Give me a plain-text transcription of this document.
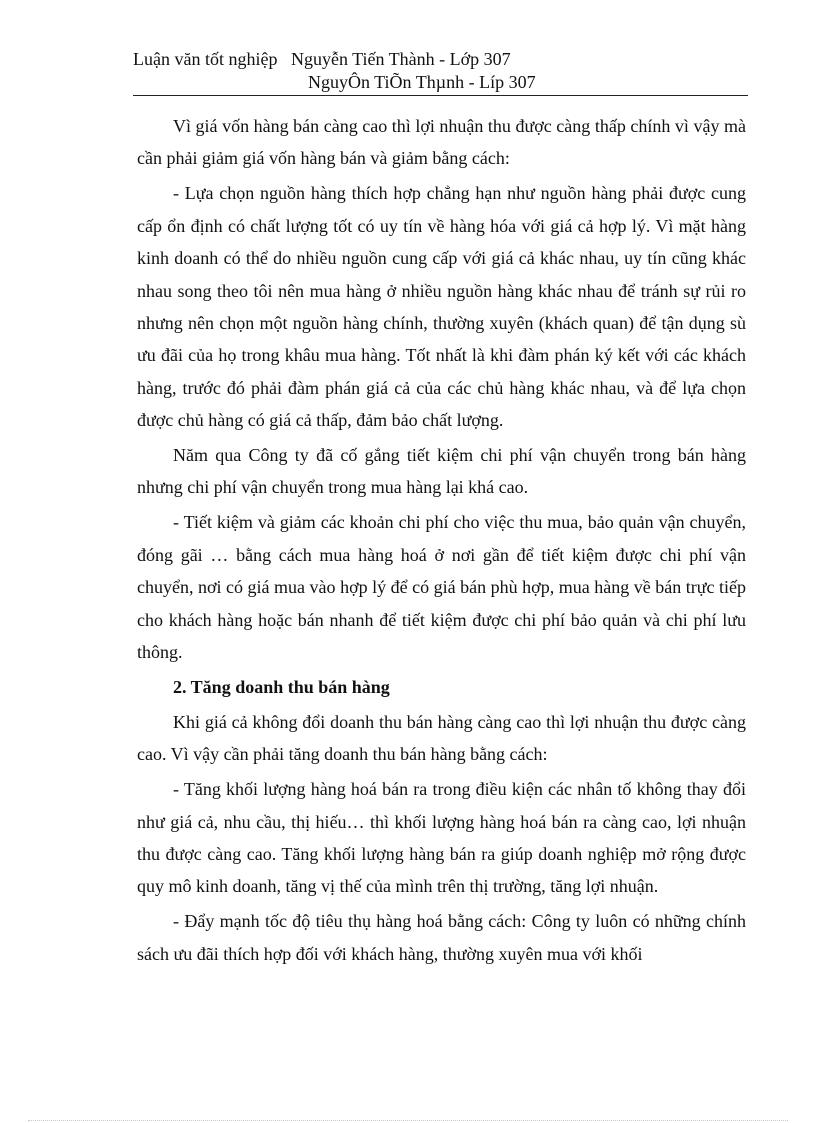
Luận văn tốt nghiệp   Nguyễn Tiến Thành - Lớp 307
NguyÔn TiÕn Thµnh - Líp 307

Vì giá vốn hàng bán càng cao thì lợi nhuận thu được càng thấp chính vì vậy mà cần phải giảm giá vốn hàng bán và giảm bằng cách:

- Lựa chọn nguồn hàng thích hợp chẳng hạn như nguồn hàng phải được cung cấp ổn định có chất lượng tốt có uy tín về hàng hóa với giá cả hợp lý. Vì mặt hàng kinh doanh có thể do nhiều nguồn cung cấp với giá cả khác nhau, uy tín cũng khác nhau song theo tôi nên mua hàng ở nhiều nguồn hàng khác nhau để tránh sự rủi ro nhưng nên chọn một nguồn hàng chính, thường xuyên (khách quan) để tận dụng sù ưu đãi của họ trong khâu mua hàng. Tốt nhất là khi đàm phán ký kết với các khách hàng, trước đó phải đàm phán giá cả của các chủ hàng khác nhau, và để lựa chọn được chủ hàng có giá cả thấp, đảm bảo chất lượng.

Năm qua Công ty đã cố gắng tiết kiệm chi phí vận chuyển trong bán hàng nhưng chi phí vận chuyển trong mua hàng lại khá cao.

- Tiết kiệm và giảm các khoản chi phí cho việc thu mua, bảo quản vận chuyển, đóng gãi … bằng cách mua hàng hoá ở nơi gần để tiết kiệm được chi phí vận chuyển, nơi có giá mua vào hợp lý để có giá bán phù hợp, mua hàng về bán trực tiếp cho khách hàng hoặc bán nhanh để tiết kiệm được chi phí bảo quản và chi phí lưu thông.

2. Tăng doanh thu bán hàng

Khi giá cả không đổi doanh thu bán hàng càng cao thì lợi nhuận thu được càng cao. Vì vậy cần phải tăng doanh thu bán hàng bằng cách:

- Tăng khối lượng hàng hoá bán ra trong điều kiện các nhân tố không thay đổi như giá cả, nhu cầu, thị hiếu… thì khối lượng hàng hoá bán ra càng cao, lợi nhuận thu được càng cao. Tăng khối lượng hàng bán ra giúp doanh nghiệp mở rộng được quy mô kinh doanh, tăng vị thế của mình trên thị trường, tăng lợi nhuận.

- Đẩy mạnh tốc độ tiêu thụ hàng hoá bằng cách: Công ty luôn có những chính sách ưu đãi thích hợp đối với khách hàng, thường xuyên mua với khối
